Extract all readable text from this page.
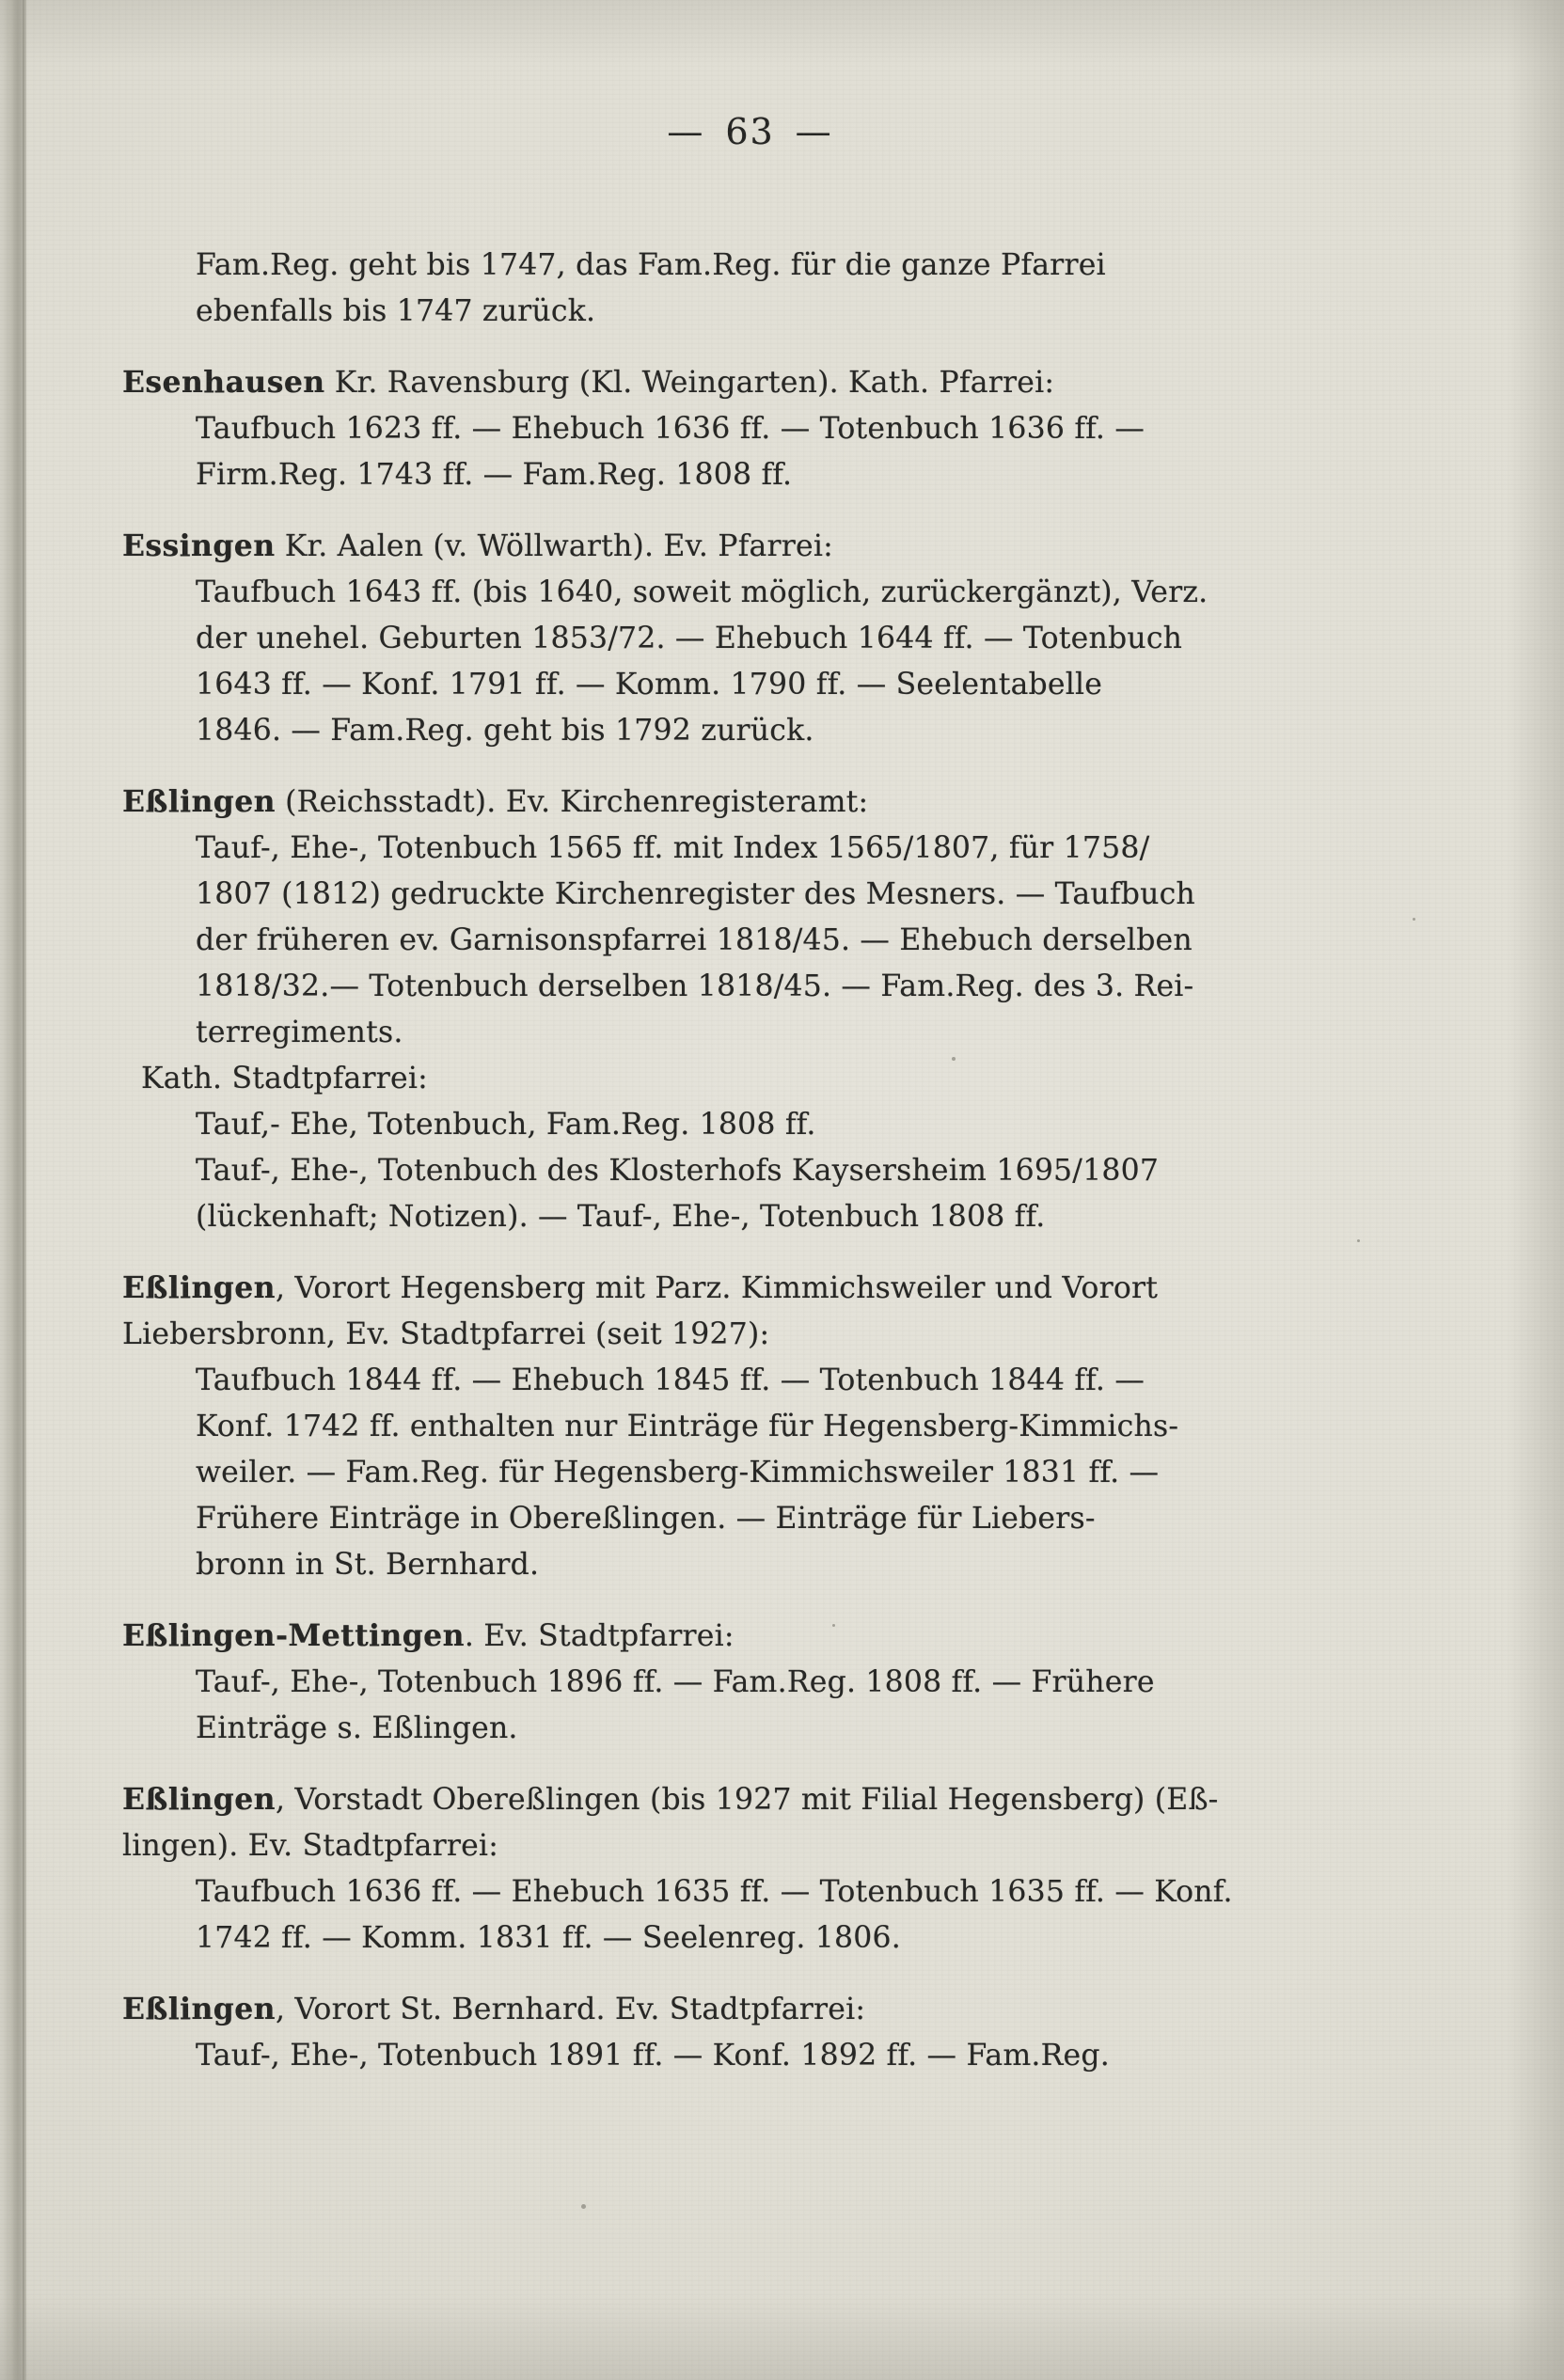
— 63 —
Fam.Reg. geht bis 1747, das Fam.Reg. für die ganze Pfarrei
ebenfalls bis 1747 zurück.
Esenhausen Kr. Ravensburg (Kl. Weingarten). Kath. Pfarrei:
Taufbuch 1623 ff. — Ehebuch 1636 ff. — Totenbuch 1636 ff. —
Firm.Reg. 1743 ff. — Fam.Reg. 1808 ff.
Essingen Kr. Aalen (v. Wöllwarth). Ev. Pfarrei:
Taufbuch 1643 ff. (bis 1640, soweit möglich, zurückergänzt), Verz.
der unehel. Geburten 1853/72. — Ehebuch 1644 ff. — Totenbuch
1643 ff. — Konf. 1791 ff. — Komm. 1790 ff. — Seelentabelle
1846. — Fam.Reg. geht bis 1792 zurück.
Eßlingen (Reichsstadt). Ev. Kirchenregisteramt:
Tauf-, Ehe-, Totenbuch 1565 ff. mit Index 1565/1807, für 1758/
1807 (1812) gedruckte Kirchenregister des Mesners. — Taufbuch
der früheren ev. Garnisonspfarrei 1818/45. — Ehebuch derselben
1818/32.— Totenbuch derselben 1818/45. — Fam.Reg. des 3. Rei-
terregiments.
Kath. Stadtpfarrei:
Tauf,- Ehe, Totenbuch, Fam.Reg. 1808 ff.
Tauf-, Ehe-, Totenbuch des Klosterhofs Kaysersheim 1695/1807
(lückenhaft; Notizen). — Tauf-, Ehe-, Totenbuch 1808 ff.
Eßlingen, Vorort Hegensberg mit Parz. Kimmichsweiler und Vorort
Liebersbronn, Ev. Stadtpfarrei (seit 1927):
Taufbuch 1844 ff. — Ehebuch 1845 ff. — Totenbuch 1844 ff. —
Konf. 1742 ff. enthalten nur Einträge für Hegensberg-Kimmichs-
weiler. — Fam.Reg. für Hegensberg-Kimmichsweiler 1831 ff. —
Frühere Einträge in Obereßlingen. — Einträge für Liebers-
bronn in St. Bernhard.
Eßlingen-Mettingen. Ev. Stadtpfarrei:
Tauf-, Ehe-, Totenbuch 1896 ff. — Fam.Reg. 1808 ff. — Frühere
Einträge s. Eßlingen.
Eßlingen, Vorstadt Obereßlingen (bis 1927 mit Filial Hegensberg) (Eß-
lingen). Ev. Stadtpfarrei:
Taufbuch 1636 ff. — Ehebuch 1635 ff. — Totenbuch 1635 ff. — Konf.
1742 ff. — Komm. 1831 ff. — Seelenreg. 1806.
Eßlingen, Vorort St. Bernhard. Ev. Stadtpfarrei:
Tauf-, Ehe-, Totenbuch 1891 ff. — Konf. 1892 ff. — Fam.Reg.
